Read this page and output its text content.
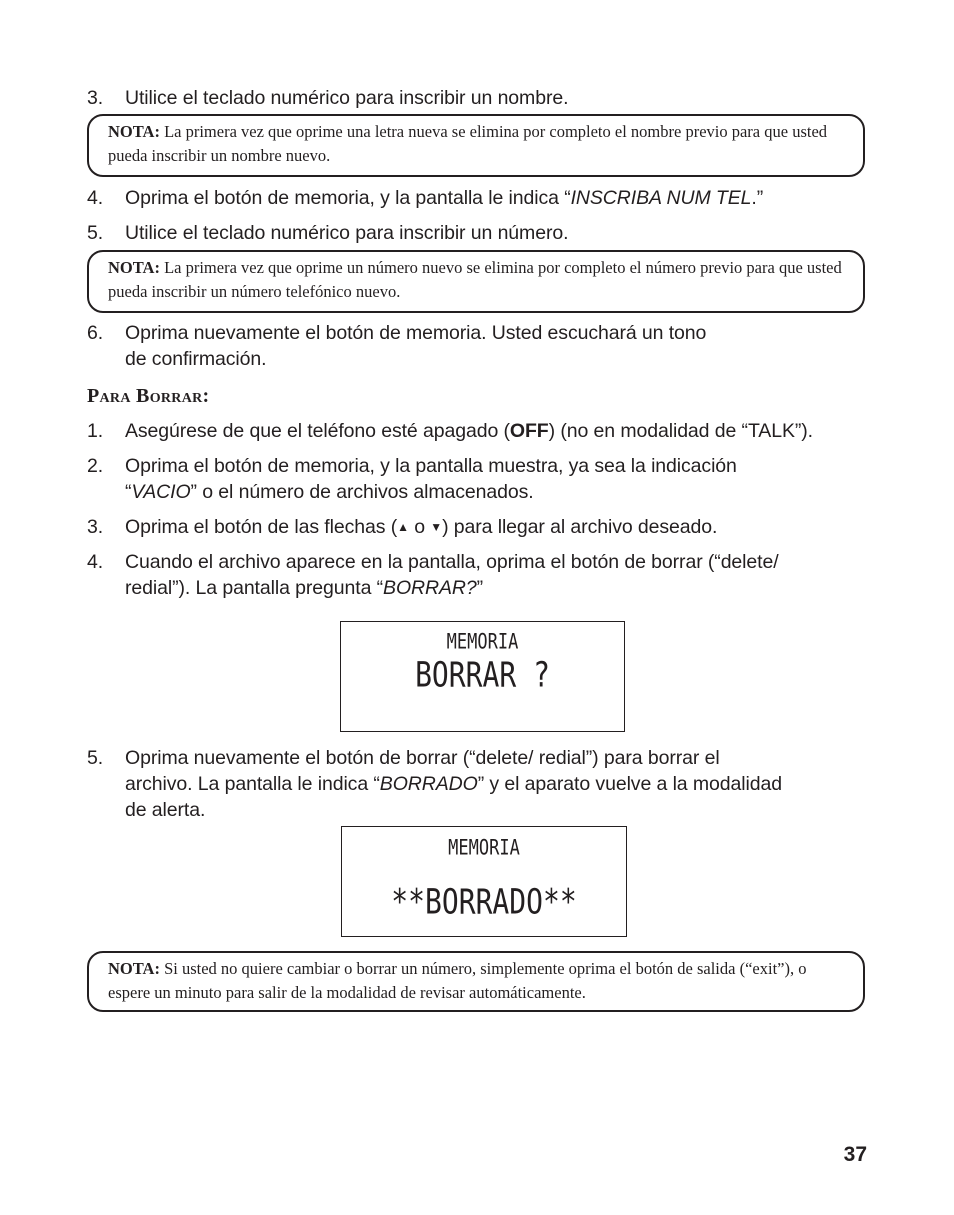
3.	Utilice el teclado numérico para inscribir un nombre.
NOTA: La primera vez que oprime una letra nueva se elimina por completo el nombre previo para que usted pueda inscribir un nombre nuevo.
4.	Oprima el botón de memoria, y la pantalla le indica “INSCRIBA NUM TEL.”
5.	Utilice el teclado numérico para inscribir un número.
NOTA: La primera vez que oprime un número nuevo se elimina por completo el número previo para que usted pueda inscribir un número telefónico nuevo.
6.	Oprima nuevamente el botón de memoria. Usted escuchará un tono
de confirmación.
Para Borrar:
1.	Asegúrese de que el teléfono esté apagado (OFF) (no en modalidad de “TALK”).
2.	Oprima el botón de memoria, y la pantalla muestra, ya sea la indicación
“VACIO” o el número de archivos almacenados.
3.	Oprima el botón de las flechas (▲ o ▼) para llegar al archivo deseado.
4.	Cuando el archivo aparece en la pantalla, oprima el botón de borrar (“delete/
redial”). La pantalla pregunta “BORRAR?”
MEMORIA
BORRAR ?
5.	Oprima nuevamente el botón de borrar (“delete/ redial”) para borrar el
archivo. La pantalla le indica “BORRADO” y el aparato vuelve a la modalidad
de alerta.
MEMORIA
**BORRADO**
NOTA: Si usted no quiere cambiar o borrar un número, simplemente oprima el botón de salida (“exit”), o espere un minuto para salir de la modalidad de revisar automáticamente.
37
